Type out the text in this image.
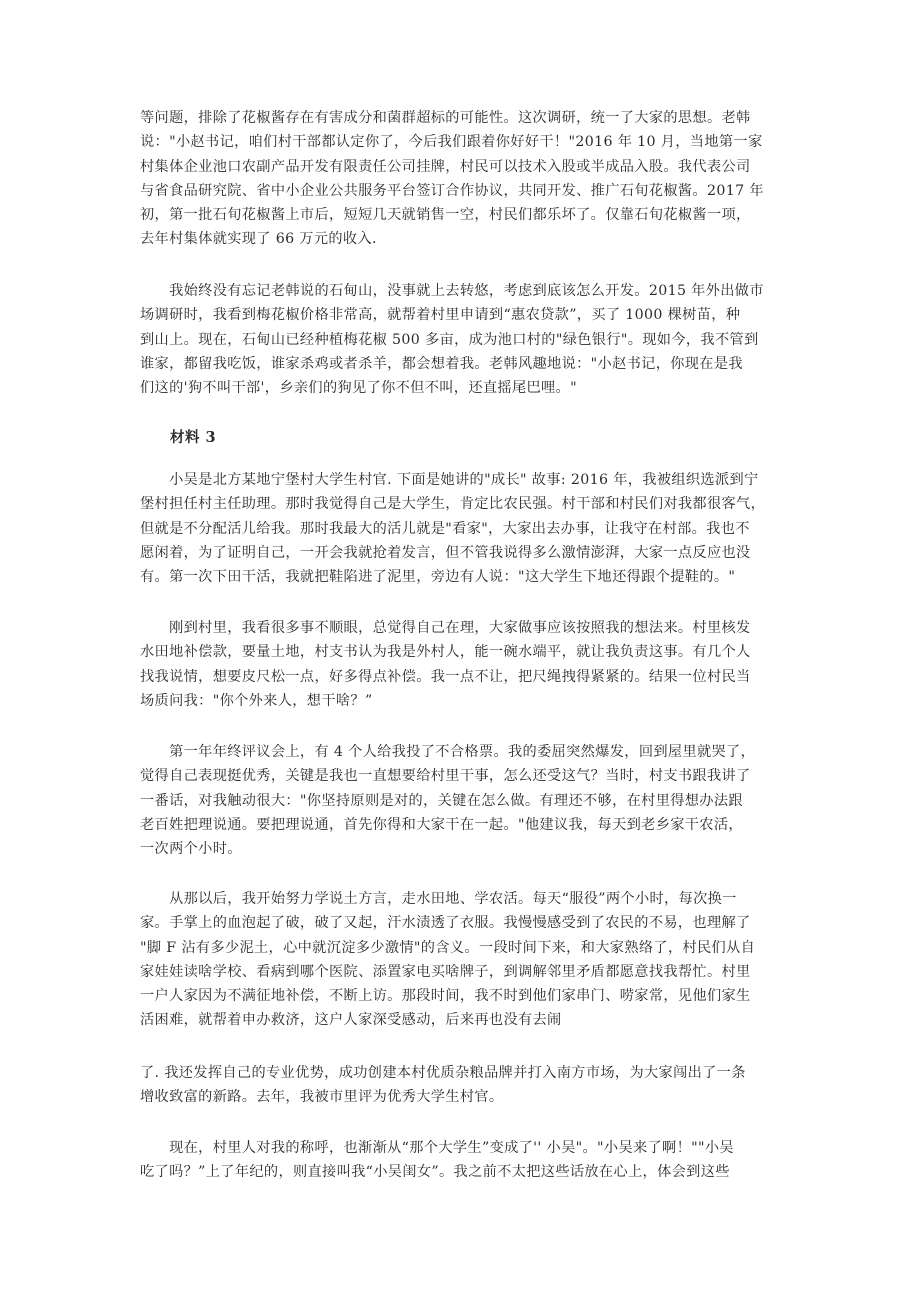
等问题，排除了花椒酱存在有害成分和菌群超标的可能性。这次调研，统一了大家的思想。老韩
说："小赵书记，咱们村干部都认定你了，今后我们跟着你好好干！"2016 年 10 月，当地第一家
村集体企业池口农副产品开发有限责任公司挂牌，村民可以技术入股或半成品入股。我代表公司
与省食品研究院、省中小企业公共服务平台签订合作协议，共同开发、推广石旬花椒酱。2017 年
初，第一批石旬花椒酱上市后，短短几天就销售一空，村民们都乐坏了。仅靠石旬花椒酱一项，
去年村集体就实现了 66 万元的收入.
　　我始终没有忘记老韩说的石甸山，没事就上去转悠，考虑到底该怎么开发。2015 年外出做市
场调研时，我看到梅花椒价格非常高，就帮着村里申请到“惠农贷款”，买了 1000 棵树苗，种
到山上。现在，石甸山已经种植梅花椒 500 多亩，成为池口村的"绿色银行"。现如今，我不管到
谁家，都留我吃饭，谁家杀鸡或者杀羊，都会想着我。老韩风趣地说："小赵书记，你现在是我
们这的'狗不叫干部'，乡亲们的狗见了你不但不叫，还直摇尾巴哩。"
材料 3
　　小吴是北方某地宁堡村大学生村官. 下面是她讲的"成长" 故事: 2016 年，我被组织选派到宁
堡村担任村主任助理。那时我觉得自己是大学生，肯定比农民强。村干部和村民们对我都很客气，
但就是不分配活儿给我。那时我最大的活儿就是"看家"，大家出去办事，让我守在村部。我也不
愿闲着，为了证明自己，一开会我就抢着发言，但不管我说得多么激情澎湃，大家一点反应也没
有。第一次下田干活，我就把鞋陷进了泥里，旁边有人说："这大学生下地还得跟个提鞋的。"
　　刚到村里，我看很多事不顺眼，总觉得自己在理，大家做事应该按照我的想法来。村里核发
水田地补偿款，要量土地，村支书认为我是外村人，能一碗水端平，就让我负责这事。有几个人
找我说情，想要皮尺松一点，好多得点补偿。我一点不让，把尺绳拽得紧紧的。结果一位村民当
场质问我："你个外来人，想干啥？”
　　第一年年终评议会上，有 4 个人给我投了不合格票。我的委屈突然爆发，回到屋里就哭了，
觉得自己表现挺优秀，关键是我也一直想要给村里干事，怎么还受这气？当时，村支书跟我讲了
一番话，对我触动很大："你坚持原则是对的，关键在怎么做。有理还不够，在村里得想办法跟
老百姓把理说通。要把理说通，首先你得和大家干在一起。"他建议我，每天到老乡家干农活，
一次两个小时。
　　从那以后，我开始努力学说土方言，走水田地、学农活。每天“服役”两个小时，每次换一
家。手掌上的血泡起了破，破了又起，汗水渍透了衣服。我慢慢感受到了农民的不易，也理解了
"脚 F 沾有多少泥土，心中就沉淀多少激情"的含义。一段时间下来，和大家熟络了，村民们从自
家娃娃读啥学校、看病到哪个医院、添置家电买啥牌子，到调解邻里矛盾都愿意找我帮忙。村里
一户人家因为不满征地补偿，不断上访。那段时间，我不时到他们家串门、唠家常，见他们家生
活困难，就帮着申办救济，这户人家深受感动，后来再也没有去闹
了. 我还发挥自己的专业优势，成功创建本村优质杂粮品牌并打入南方市场，为大家闯出了一条
增收致富的新路。去年，我被市里评为优秀大学生村官。
　　现在，村里人对我的称呼，也渐渐从“那个大学生”变成了'' 小吴"。"小吴来了啊！""小吴
吃了吗？”上了年纪的，则直接叫我“小吴闺女”。我之前不太把这些话放在心上，体会到这些
